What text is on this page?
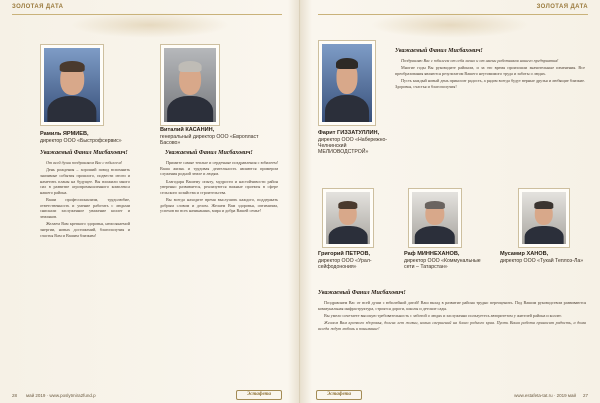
ЗОЛОТАЯ ДАТА	ЗОЛОТАЯ ДАТА
Рамиль ЯРМИЕВ,
директор ООО «Быстрофсервис»
Уважаемый Фанил Мисбахович!

От всей души поздравляем Вас с юбилеем!

День рождения – хороший повод вспомнить значимые события прошлого, подвести итоги и наметить планы на будущее. Вы вложили много сил в развитие агропромышленного комплекса нашего района.

Ваши профессионализм, трудолюбие, ответственность и умение работать с людьми снискали заслуженное уважение коллег и земляков.

Желаем Вам крепкого здоровья, неиссякаемой энергии, новых достижений, благополучия и счастья Вам и Вашим близким!

Виталий КАСАНИН,
генеральный директор ООО «Европласт Басово»
Уважаемый Фанил Мисбахович!

Примите самые теплые и сердечные поздравления с юбилеем! Ваша жизнь и трудовая деятельность являются примером служения родной земле и людям.

Благодаря Вашему опыту, мудрости и настойчивости район уверенно развивается, реализуются важные проекты в сфере сельского хозяйства и строительства.

Вы всегда находите время выслушать каждого, поддержать добрым словом и делом. Желаем Вам здоровья, оптимизма, успехов во всех начинаниях, мира и добра Вашей семье!

Фарит ГИЗЗАТУЛЛИН,
директор ООО «Набережно-Челнинский МЕЛИОВОДСТРОЙ»
Уважаемый Фанил Мисбахович!

Поздравляю Вас с юбилеем от себя лично и от имени работников нашего предприятия!

Многие годы Вы руководите районом, и за это время произошли значительные изменения. Все преобразования являются результатом Вашего неутомимого труда и заботы о людях.

Пусть каждый новый день приносит радость, а рядом всегда будут верные друзья и любящие близкие. Здоровья, счастья и благополучия!

Григорий ПЕТРОВ,
директор ООО «Урал-сейфодонония»
Раф МИННЕХАНОВ,
директор ООО «Коммунальные сети – Татарстан»
Мусамир ХАНОВ,
директор ООО «Тукай Теплоэ-Ла»
Уважаемый Фанил Мисбахович!

Поздравляем Вас от всей души с юбилейной датой! Ваш вклад в развитие района трудно переоценить. Под Вашим руководством развиваются коммунальная инфраструктура, строятся дороги, школы и детские сады.

Вы умело сочетаете высокую требовательность с заботой о людях и заслуженно пользуетесь авторитетом у жителей района и коллег.

Желаем Вам крепкого здоровья, долгих лет жизни, новых свершений на благо родного края. Пусть Ваша работа приносит радость, а дома всегда ждут любовь и понимание!

28 май 2019 · www.poslytmira2fund.p	Эстафета	Эстафета	www.estafeta-tat.ru · 2019 май 27
